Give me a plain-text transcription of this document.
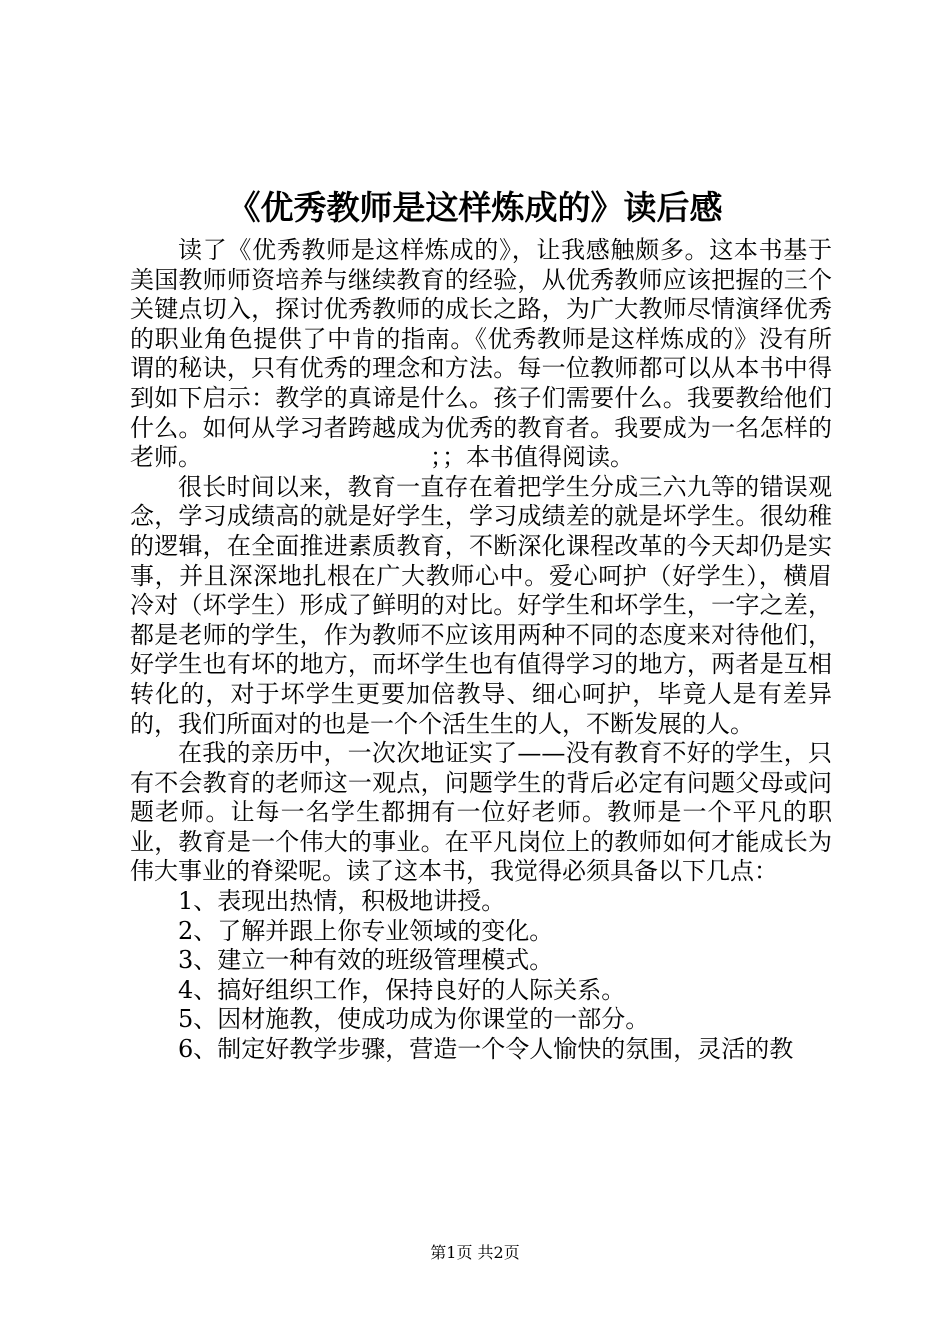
《优秀教师是这样炼成的》读后感

读了《优秀教师是这样炼成的》，让我感触颇多。这本书基于美国教师师资培养与继续教育的经验，从优秀教师应该把握的三个关键点切入，探讨优秀教师的成长之路，为广大教师尽情演绎优秀的职业角色提供了中肯的指南。《优秀教师是这样炼成的》没有所谓的秘诀，只有优秀的理念和方法。每一位教师都可以从本书中得到如下启示：教学的真谛是什么。孩子们需要什么。我要教给他们什么。如何从学习者跨越成为优秀的教育者。我要成为一名怎样的老师。　　　　　　　　　　；；本书值得阅读。

很长时间以来，教育一直存在着把学生分成三六九等的错误观念，学习成绩高的就是好学生，学习成绩差的就是坏学生。很幼稚的逻辑，在全面推进素质教育，不断深化课程改革的今天却仍是实事，并且深深地扎根在广大教师心中。爱心呵护（好学生），横眉冷对（坏学生）形成了鲜明的对比。好学生和坏学生，一字之差，都是老师的学生，作为教师不应该用两种不同的态度来对待他们，好学生也有坏的地方，而坏学生也有值得学习的地方，两者是互相转化的，对于坏学生更要加倍教导、细心呵护，毕竟人是有差异的，我们所面对的也是一个个活生生的人，不断发展的人。

在我的亲历中，一次次地证实了——没有教育不好的学生，只有不会教育的老师这一观点，问题学生的背后必定有问题父母或问题老师。让每一名学生都拥有一位好老师。教师是一个平凡的职业，教育是一个伟大的事业。在平凡岗位上的教师如何才能成长为伟大事业的脊梁呢。读了这本书，我觉得必须具备以下几点：

1、表现出热情，积极地讲授。

2、了解并跟上你专业领域的变化。

3、建立一种有效的班级管理模式。

4、搞好组织工作，保持良好的人际关系。

5、因材施教，使成功成为你课堂的一部分。

6、制定好教学步骤，营造一个令人愉快的氛围，灵活的教

第1页 共2页
